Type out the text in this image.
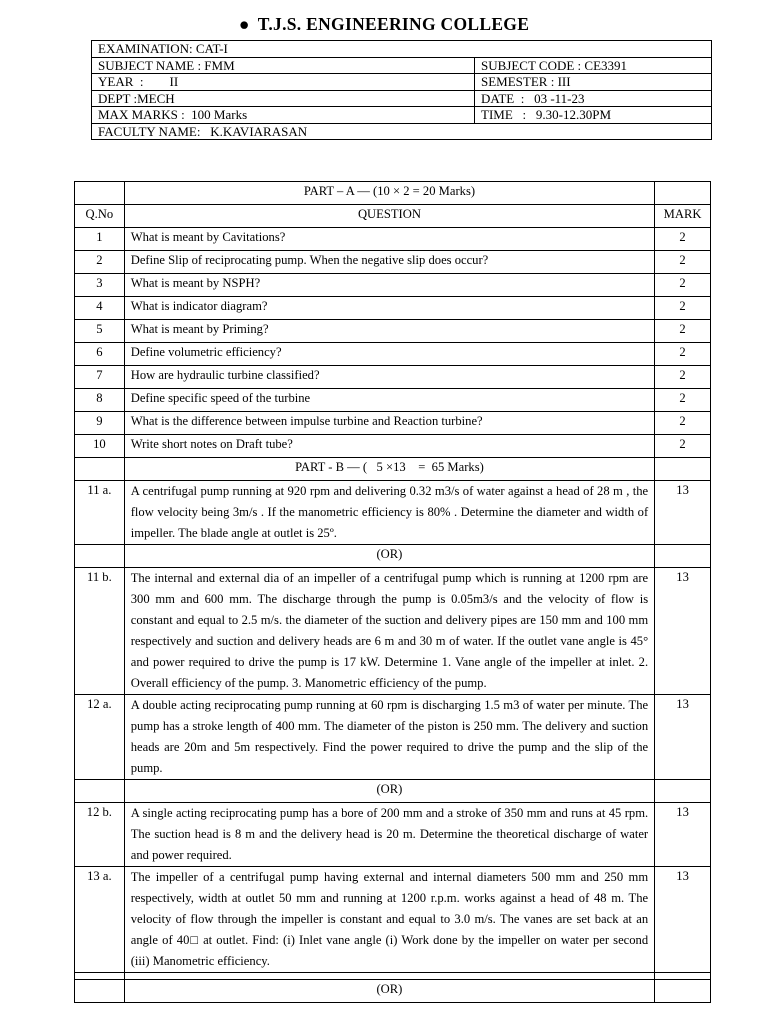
● T.J.S. ENGINEERING COLLEGE
EXAMINATION: CAT-I	
SUBJECT NAME : FMM	SUBJECT CODE : CE3391
YEAR  :        II	SEMESTER : III
DEPT :MECH	DATE  :   03 -11-23
MAX MARKS :  100 Marks	TIME   :   9.30-12.30PM
FACULTY NAME:   K.KAVIARASAN	
	PART – A — (10 × 2 = 20 Marks)	
Q.No	QUESTION	MARK
1	What is meant by Cavitations?	2
2	Define Slip of reciprocating pump. When the negative slip does occur?	2
3	What is meant by NSPH?	2
4	What is indicator diagram?	2
5	What is meant by Priming?	2
6	Define volumetric efficiency?	2
7	How are hydraulic turbine classified?	2
8	Define specific speed of the turbine	2
9	What is the difference between impulse turbine and Reaction turbine?	2
10	Write short notes on Draft tube?	2
	PART - B — (   5 ×13    =  65 Marks)	
11 a.	A centrifugal pump running at 920 rpm and delivering 0.32 m3/s of water against a head of 28 m , the flow velocity being 3m/s . If the manometric efficiency is 80% . Determine the diameter and width of impeller. The blade angle at outlet is 25º.	13
	(OR)	
11 b.	The internal and external dia of an impeller of a centrifugal pump which is running at 1200 rpm are 300 mm and 600 mm. The discharge through the pump is 0.05m3/s and the velocity of flow is constant and equal to 2.5 m/s. the diameter of the suction and delivery pipes are 150 mm and 100 mm respectively and suction and delivery heads are 6 m and 30 m of water. If the outlet vane angle is 45° and power required to drive the pump is 17 kW. Determine 1. Vane angle of the impeller at inlet. 2. Overall efficiency of the pump. 3. Manometric efficiency of the pump.	13
12 a.	A double acting reciprocating pump running at 60 rpm is discharging 1.5 m3 of water per minute. The pump has a stroke length of 400 mm. The diameter of the piston is 250 mm. The delivery and suction heads are 20m and 5m respectively. Find the power required to drive the pump and the slip of the pump.	13
	(OR)	
12 b.	A single acting reciprocating pump has a bore of 200 mm and a stroke of 350 mm and runs at 45 rpm. The suction head is 8 m and the delivery head is 20 m. Determine the theoretical discharge of water and power required.	13
13 a.	The impeller of a centrifugal pump having external and internal diameters 500 mm and 250 mm respectively, width at outlet 50 mm and running at 1200 r.p.m. works against a head of 48 m. The velocity of flow through the impeller is constant and equal to 3.0 m/s. The vanes are set back at an angle of 40□ at outlet. Find: (i) Inlet vane angle (i) Work done by the impeller on water per second (iii) Manometric efficiency.	13

	(OR)	
